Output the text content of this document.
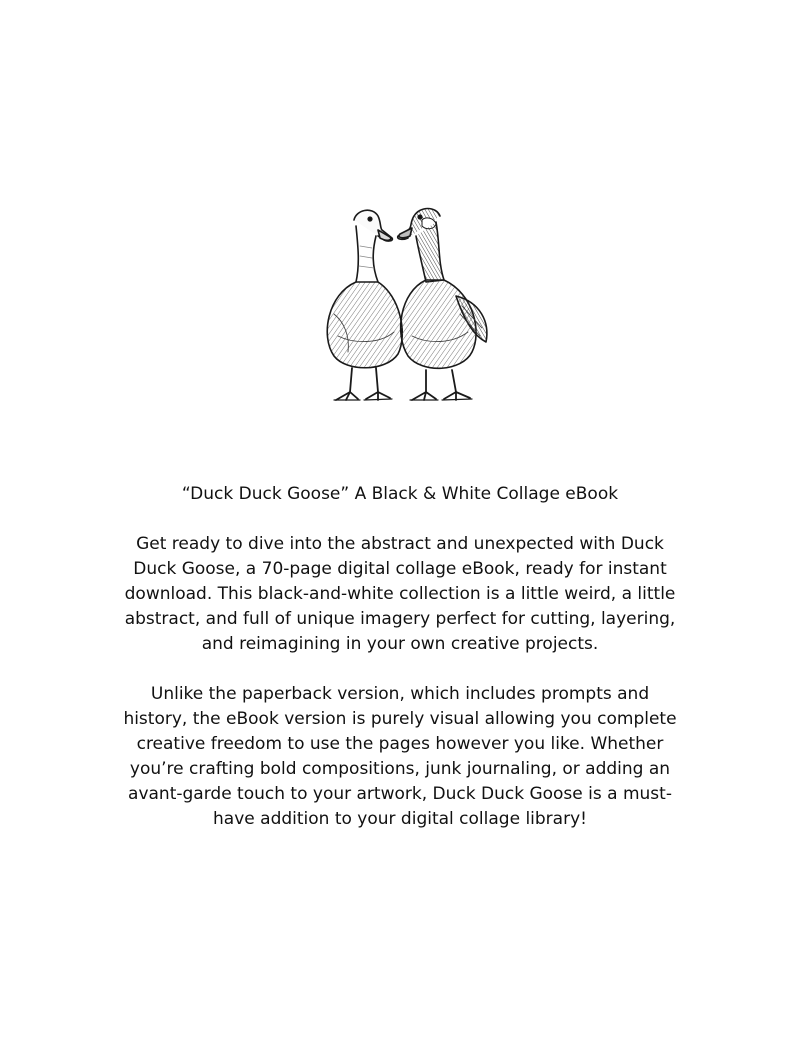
“Duck Duck Goose” A Black & White Collage eBook

Get ready to dive into the abstract and unexpected with Duck Duck Goose, a 70-page digital collage eBook, ready for instant download. This black-and-white collection is a little weird, a little abstract, and full of unique imagery perfect for cutting, layering, and reimagining in your own creative projects.

Unlike the paperback version, which includes prompts and history, the eBook version is purely visual allowing you complete creative freedom to use the pages however you like. Whether you’re crafting bold compositions, junk journaling, or adding an avant-garde touch to your artwork, Duck Duck Goose is a must-have addition to your digital collage library!
